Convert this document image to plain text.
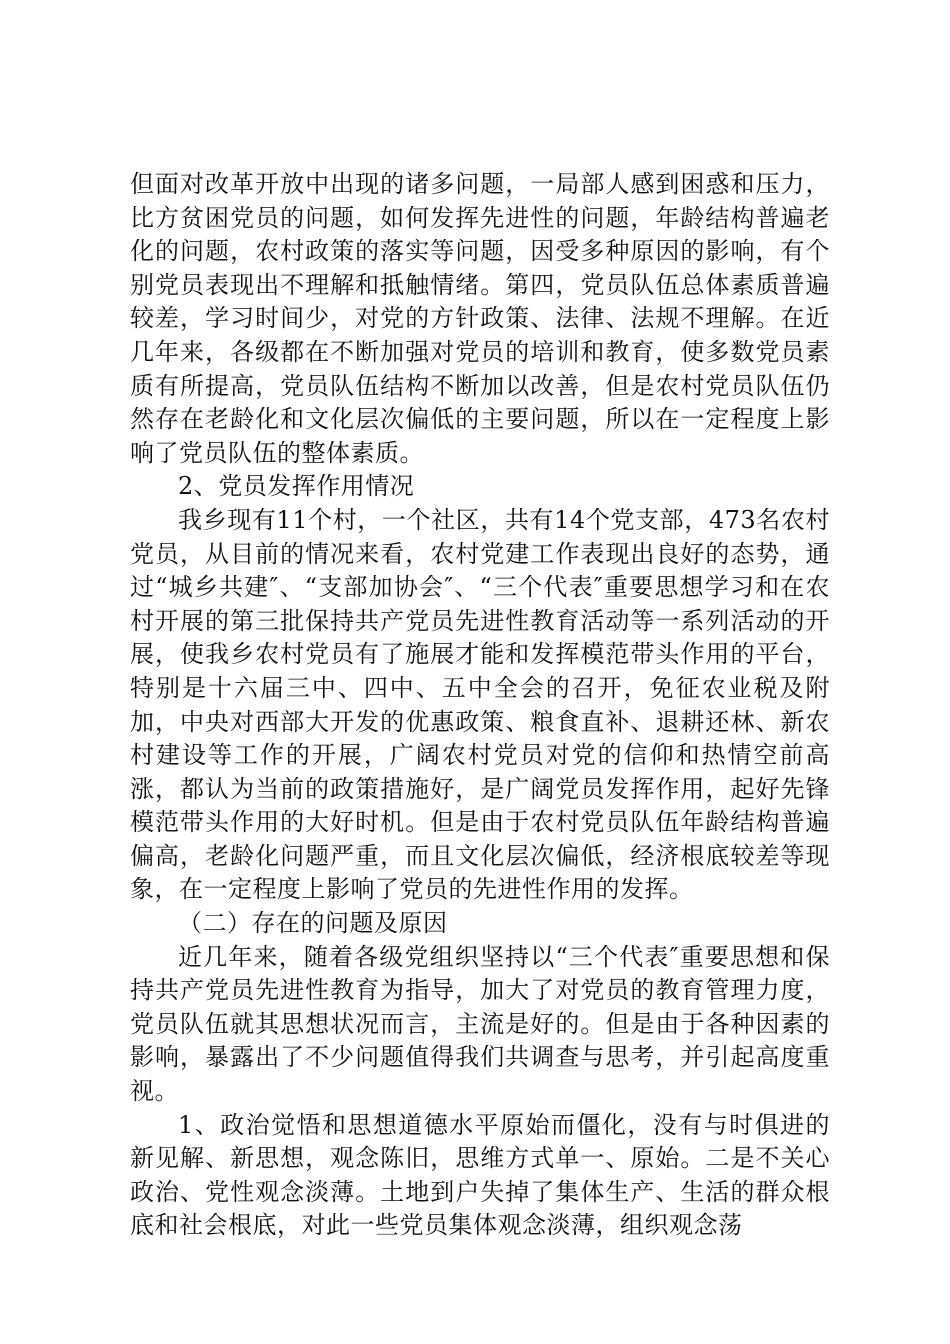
但面对改革开放中出现的诸多问题，一局部人感到困惑和压力，比方贫困党员的问题，如何发挥先进性的问题，年龄结构普遍老化的问题，农村政策的落实等问题，因受多种原因的影响，有个别党员表现出不理解和抵触情绪。第四，党员队伍总体素质普遍较差，学习时间少，对党的方针政策、法律、法规不理解。在近几年来，各级都在不断加强对党员的培训和教育，使多数党员素质有所提高，党员队伍结构不断加以改善，但是农村党员队伍仍然存在老龄化和文化层次偏低的主要问题，所以在一定程度上影响了党员队伍的整体素质。

2、党员发挥作用情况

我乡现有11个村，一个社区，共有14个党支部，473名农村党员，从目前的情况来看，农村党建工作表现出良好的态势，通过“城乡共建″、“支部加协会″、“三个代表″重要思想学习和在农村开展的第三批保持共产党员先进性教育活动等一系列活动的开展，使我乡农村党员有了施展才能和发挥模范带头作用的平台，特别是十六届三中、四中、五中全会的召开，免征农业税及附加，中央对西部大开发的优惠政策、粮食直补、退耕还林、新农村建设等工作的开展，广阔农村党员对党的信仰和热情空前高涨，都认为当前的政策措施好，是广阔党员发挥作用，起好先锋模范带头作用的大好时机。但是由于农村党员队伍年龄结构普遍偏高，老龄化问题严重，而且文化层次偏低，经济根底较差等现象，在一定程度上影响了党员的先进性作用的发挥。

（二）存在的问题及原因

近几年来，随着各级党组织坚持以“三个代表″重要思想和保持共产党员先进性教育为指导，加大了对党员的教育管理力度，党员队伍就其思想状况而言，主流是好的。但是由于各种因素的影响，暴露出了不少问题值得我们共调查与思考，并引起高度重视。

1、政治觉悟和思想道德水平原始而僵化，没有与时俱进的新见解、新思想，观念陈旧，思维方式单一、原始。二是不关心政治、党性观念淡薄。土地到户失掉了集体生产、生活的群众根底和社会根底，对此一些党员集体观念淡薄，组织观念荡
